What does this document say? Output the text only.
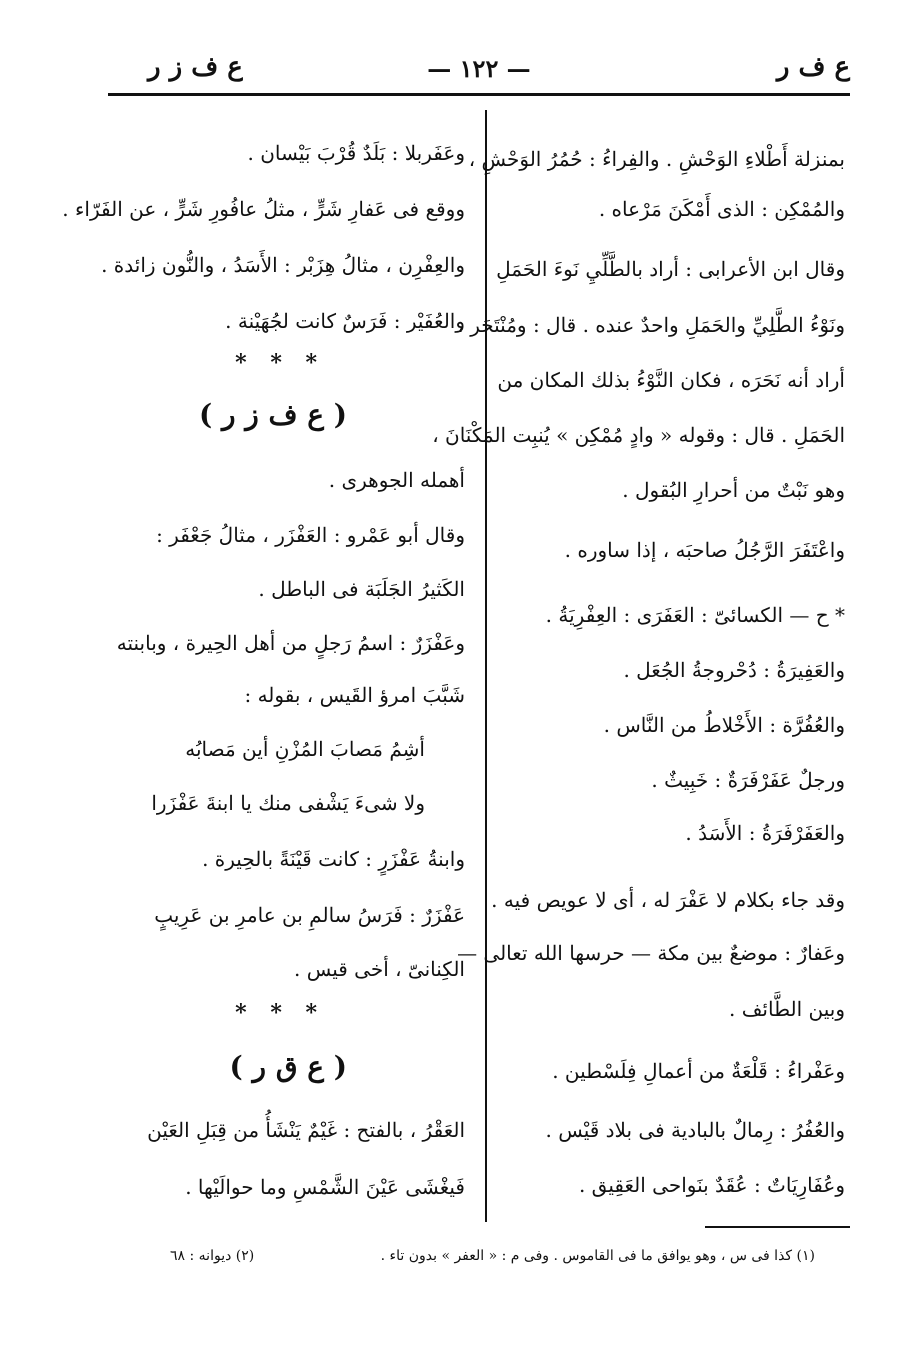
ع ف ز ر	— ١٢٢ —	ع ف ر
بمنزلة أَطْلاءِ الوَحْشِ . والفِراءُ : حُمُرُ الوَحْشِ ،
والمُمْكِن : الذى أَمْكَنَ مَرْعاه .
وقال ابن الأعرابى : أراد بالطَّلِّيِ نَوءَ الحَمَلِ
ونَوْءُ الطَّلِيِّ والحَمَلِ واحدٌ عنده . قال : ومُنْتَحَر ،
أراد أنه نَحَرَه ، فكان النَّوْءُ بذلك المكان من
الحَمَلِ . قال : وقوله « وادٍ مُمْكِن » يُنبِت المَكْنَانَ ،
وهو نَبْتٌ من أحرارِ البُقول .
واعْتَفَرَ الرَّجُلُ صاحبَه ، إذا ساوره .
* ح — الكسائىّ : العَفَرَى : العِفْرِيَةُ .
والعَفِيرَةُ : دُحْروجةُ الجُعَل .
والعُفُرَّة : الأَخْلاطُ من النَّاس .
ورجلٌ عَفَرْفَرَةٌ : خَبِيثٌ .
والعَفَرْفَرَةُ : الأَسَدُ .
وقد جاء بكلام لا عَفْرَ له ، أى لا عويص فيه .
وعَفارٌ : موضعٌ بين مكة — حرسها الله تعالى —
وبين الطَّائف .
وعَفْراءُ : قَلْعَةٌ من أعمالِ فِلَسْطين .
والعُفُرُ : رِمالٌ بالبادية فى بلاد قَيْس .
وعُفَارِيَاتٌ : عُقَدٌ بنَواحى العَقِيق .
وعَفَربلا : بَلَدٌ قُرْبَ بَيْسان .
ووقع فى عَفارِ شَرٍّ ، مثلُ عافُورِ شَرٍّ ، عن الفَرّاء .
والعِفْرِن ، مثالُ هِزَبْر : الأَسَدُ ، والنُّون زائدة .
والعُفَيْر : فَرَسٌ كانت لجُهَيْنة .
* * *
( ع ف ز ر )
أهمله الجوهرى .
وقال أبو عَمْرو : العَفْزَر ، مثالُ جَعْفَر :
الكَثيرُ الجَلَبَة فى الباطل .
وعَفْزَرٌ : اسمُ رَجلٍ من أهل الحِيرة ، وبابنته
شَبَّبَ امرؤ القَيس ، بقوله :
أشِمُ مَصابَ المُزْنِ أين مَصابُه
ولا شىءَ يَشْفى منك يا ابنةَ عَفْزَرا
وابنةُ عَفْزَرٍ : كانت قَيْنَةً بالحِيرة .
عَفْزَرٌ : فَرَسُ سالمِ بن عامرِ بن عَرِيبٍ
الكِنانىّ ، أخى قيس .
* * *
( ع ق ر )
العَقْرُ ، بالفتح : غَيْمٌ يَنْشَأُ من قِبَلِ العَيْن
فَيغْشَى عَيْنَ الشَّمْسِ وما حوالَيْها .
(١) كذا فى س ، وهو يوافق ما فى القاموس . وفى م : « العفر » بدون تاء .
(٢) ديوانه : ٦٨
